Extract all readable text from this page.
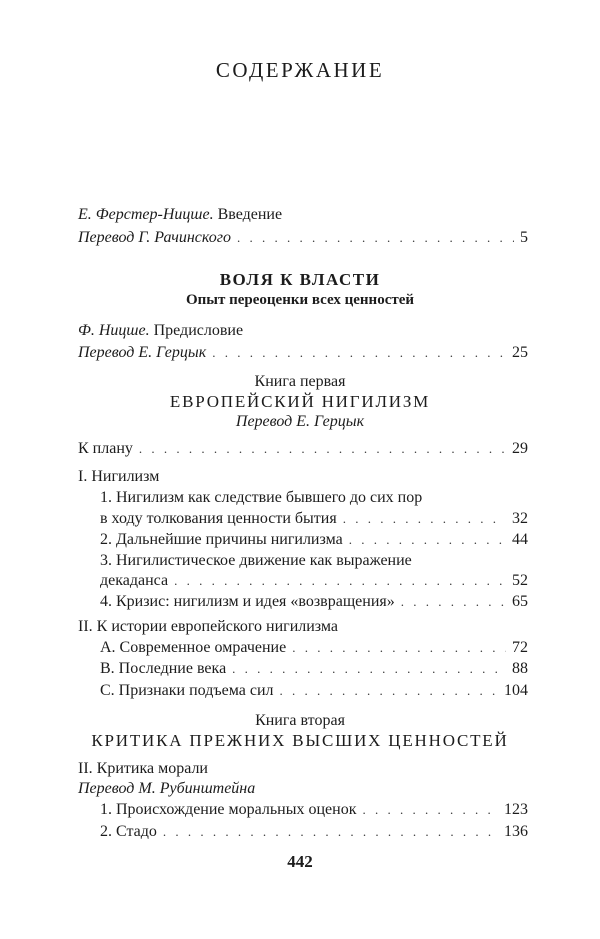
СОДЕРЖАНИЕ
Е. Ферстер-Ницше. Введение
Перевод Г. Рачинского . . .	5
ВОЛЯ К ВЛАСТИ
Опыт переоценки всех ценностей
Ф. Ницше. Предисловие
Перевод Е. Герцык . . .	25
Книга первая
ЕВРОПЕЙСКИЙ НИГИЛИЗМ
Перевод Е. Герцык
К плану . . .	29
I. Нигилизм
1. Нигилизм как следствие бывшего до сих пор
в ходу толкования ценности бытия . . .	32
2. Дальнейшие причины нигилизма . . .	44
3. Нигилистическое движение как выражение
декаданса . . .	52
4. Кризис: нигилизм и идея «возвращения» . . .	65
II. К истории европейского нигилизма
A. Современное омрачение . . .	72
B. Последние века . . .	88
C. Признаки подъема сил . . .	104
Книга вторая
КРИТИКА ПРЕЖНИХ ВЫСШИХ ЦЕННОСТЕЙ
II. Критика морали
Перевод М. Рубинштейна
1. Происхождение моральных оценок . . .	123
2. Стадо . . .	136
442
